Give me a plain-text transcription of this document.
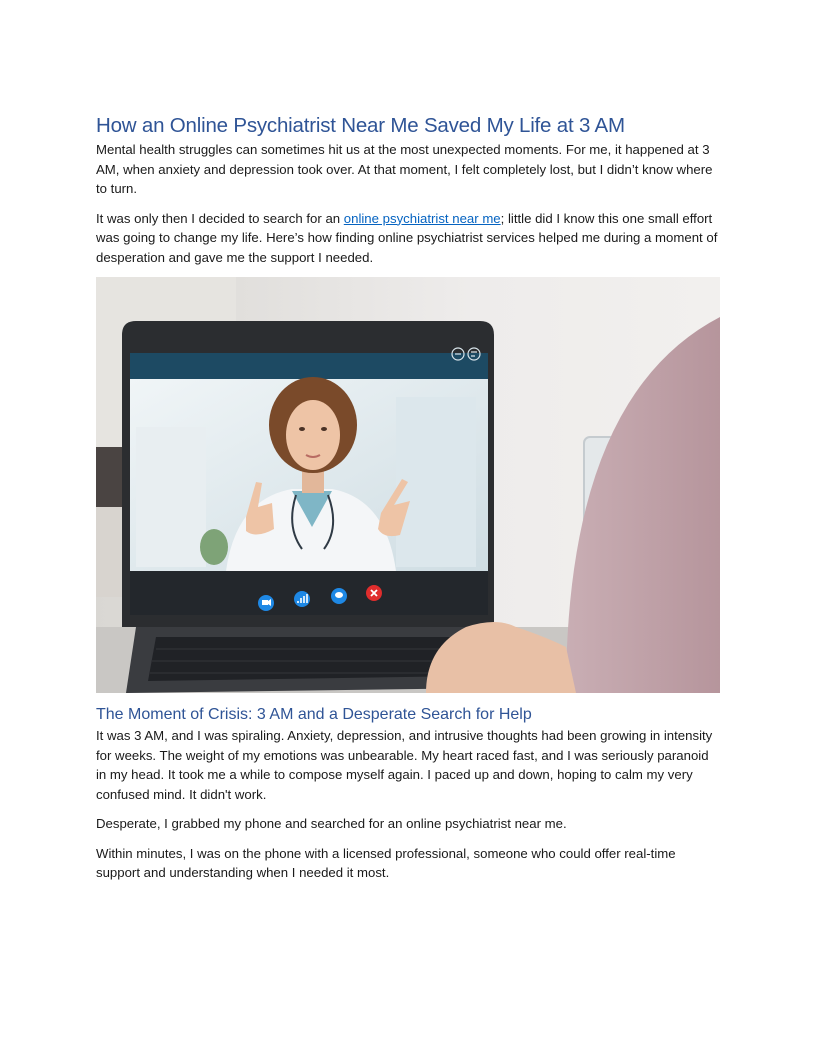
How an Online Psychiatrist Near Me Saved My Life at 3 AM

Mental health struggles can sometimes hit us at the most unexpected moments. For me, it happened at 3 AM, when anxiety and depression took over. At that moment, I felt completely lost, but I didn’t know where to turn.

It was only then I decided to search for an online psychiatrist near me; little did I know this one small effort was going to change my life. Here’s how finding online psychiatrist services helped me during a moment of desperation and gave me the support I needed.

The Moment of Crisis: 3 AM and a Desperate Search for Help

It was 3 AM, and I was spiraling. Anxiety, depression, and intrusive thoughts had been growing in intensity for weeks. The weight of my emotions was unbearable. My heart raced fast, and I was seriously paranoid in my head. It took me a while to compose myself again. I paced up and down, hoping to calm my very confused mind. It didn't work.

Desperate, I grabbed my phone and searched for an online psychiatrist near me.

Within minutes, I was on the phone with a licensed professional, someone who could offer real-time support and understanding when I needed it most.
